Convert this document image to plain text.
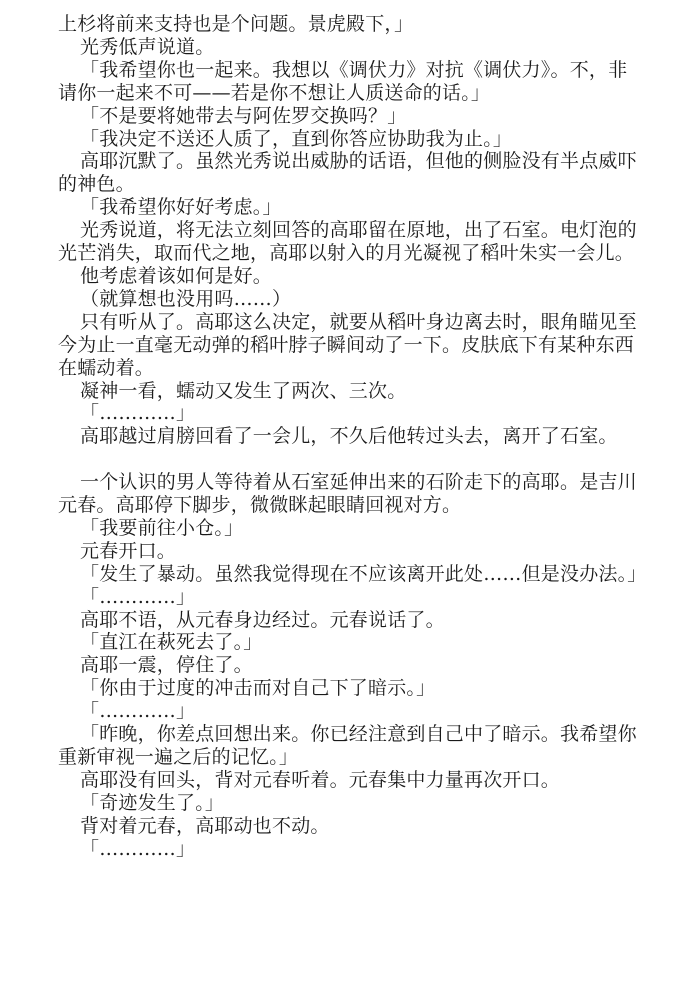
上杉将前来支持也是个问题。景虎殿下，」

光秀低声说道。

「我希望你也一起来。我想以《调伏力》对抗《调伏力》。不，非请你一起来不可——若是你不想让人质送命的话。」

「不是要将她带去与阿佐罗交换吗？」

「我决定不送还人质了，直到你答应协助我为止。」

高耶沉默了。虽然光秀说出威胁的话语，但他的侧脸没有半点威吓的神色。

「我希望你好好考虑。」

光秀说道，将无法立刻回答的高耶留在原地，出了石室。电灯泡的光芒消失，取而代之地，高耶以射入的月光凝视了稻叶朱实一会儿。

他考虑着该如何是好。

（就算想也没用吗……）

只有听从了。高耶这么决定，就要从稻叶身边离去时，眼角瞄见至今为止一直毫无动弹的稻叶脖子瞬间动了一下。皮肤底下有某种东西在蠕动着。

凝神一看，蠕动又发生了两次、三次。

「…………」

高耶越过肩膀回看了一会儿，不久后他转过头去，离开了石室。

一个认识的男人等待着从石室延伸出来的石阶走下的高耶。是吉川元春。高耶停下脚步，微微眯起眼睛回视对方。

「我要前往小仓。」

元春开口。

「发生了暴动。虽然我觉得现在不应该离开此处……但是没办法。」

「…………」

高耶不语，从元春身边经过。元春说话了。

「直江在萩死去了。」

高耶一震，停住了。

「你由于过度的冲击而对自己下了暗示。」

「…………」

「昨晚，你差点回想出来。你已经注意到自己中了暗示。我希望你重新审视一遍之后的记忆。」

高耶没有回头，背对元春听着。元春集中力量再次开口。

「奇迹发生了。」

背对着元春，高耶动也不动。

「…………」
